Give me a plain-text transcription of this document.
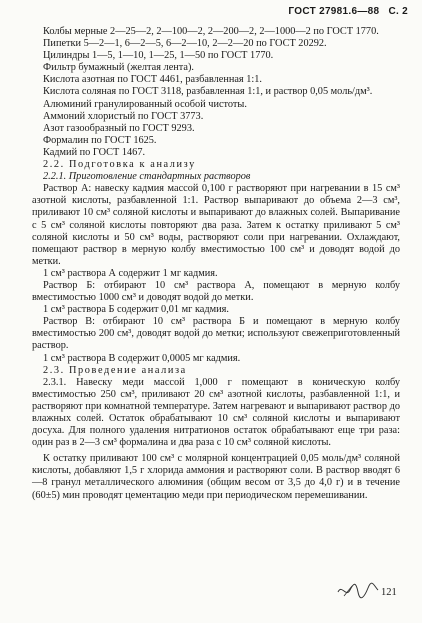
ГОСТ 27981.6—88 С. 2

Колбы мерные 2—25—2, 2—100—2, 2—200—2, 2—1000—2 по ГОСТ 1770.

Пипетки 5—2—1, 6—2—5, 6—2—10, 2—2—20 по ГОСТ 20292.

Цилиндры 1—5, 1—10, 1—25, 1—50 по ГОСТ 1770.

Фильтр бумажный (желтая лента).

Кислота азотная по ГОСТ 4461, разбавленная 1:1.

Кислота соляная по ГОСТ 3118, разбавленная 1:1, и раствор 0,05 моль/дм³.

Алюминий гранулированный особой чистоты.

Аммоний хлористый по ГОСТ 3773.

Азот газообразный по ГОСТ 9293.

Формалин по ГОСТ 1625.

Кадмий по ГОСТ 1467.

2.2. Подготовка к анализу

2.2.1. Приготовление стандартных растворов

Раствор А: навеску кадмия массой 0,100 г растворяют при нагревании в 15 см³ азотной кислоты, разбавленной 1:1. Раствор выпаривают до объема 2—3 см³, приливают 10 см³ соляной кислоты и выпаривают до влажных солей. Выпаривание с 5 см³ соляной кислоты повторяют два раза. Затем к остатку приливают 5 см³ соляной кислоты и 50 см³ воды, растворяют соли при нагревании. Охлаждают, помещают раствор в мерную колбу вместимостью 100 см³ и доводят водой до метки.

1 см³ раствора А содержит 1 мг кадмия.

Раствор Б: отбирают 10 см³ раствора А, помещают в мерную колбу вместимостью 1000 см³ и доводят водой до метки.

1 см³ раствора Б содержит 0,01 мг кадмия.

Раствор В: отбирают 10 см³ раствора Б и помещают в мерную колбу вместимостью 200 см³, доводят водой до метки; используют свежеприготовленный раствор.

1 см³ раствора В содержит 0,0005 мг кадмия.

2.3. Проведение анализа

2.3.1. Навеску меди массой 1,000 г помещают в коническую колбу вместимостью 250 см³, приливают 20 см³ азотной кислоты, разбавленной 1:1, и растворяют при комнатной температуре. Затем нагревают и выпаривают раствор до влажных солей. Остаток обрабатывают 10 см³ соляной кислоты и выпаривают досуха. Для полного удаления нитратионов остаток обрабатывают еще три раза: один раз в 2—3 см³ формалина и два раза с 10 см³ соляной кислоты.

К остатку приливают 100 см³ с молярной концентрацией 0,05 моль/дм³ соляной кислоты, добавляют 1,5 г хлорида аммония и растворяют соли. В раствор вводят 6—8 гранул металлического алюминия (общим весом от 3,5 до 4,0 г) и в течение (60±5) мин проводят цементацию меди при периодическом перемешивании.

121
